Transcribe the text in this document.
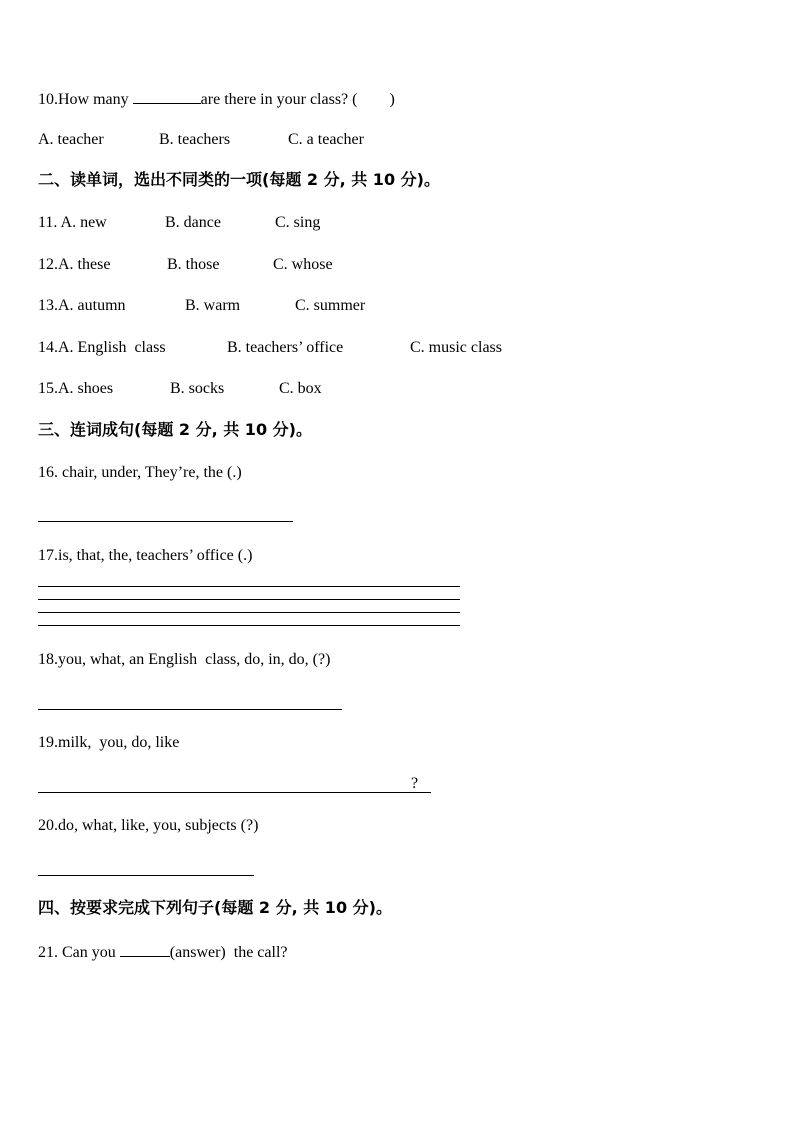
10.How many	are there in your class? (        )
A. teacher	B. teachers	C. a teacher
二、读单词，选出不同类的一项(每题 2 分, 共 10 分)。
11. A. new	B. dance	C. sing
12.A. these	B. those	C. whose
13.A. autumn	B. warm	C. summer
14.A. English  class	B. teachers’ office	C. music class
15.A. shoes	B. socks	C. box
三、连词成句(每题 2 分, 共 10 分)。
16. chair, under, They’re, the (.)
17.is, that, the, teachers’ office (.)
18.you, what, an English  class, do, in, do, (?)
19.milk,  you, do, like
?
20.do, what, like, you, subjects (?)
四、按要求完成下列句子(每题 2 分, 共 10 分)。
21. Can you	(answer)  the call?
